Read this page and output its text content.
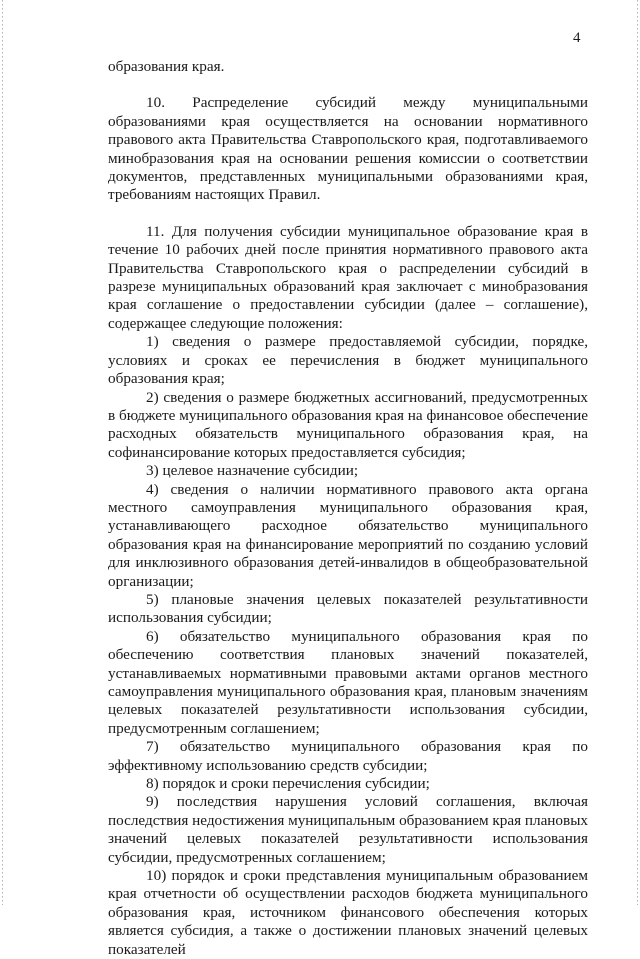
4

образования края.

10. Распределение субсидий между муниципальными образованиями края осуществляется на основании нормативного правового акта Правительства Ставропольского края, подготавливаемого минобразования края на основании решения комиссии о соответствии документов, представленных муниципальными образованиями края, требованиям настоящих Правил.

11. Для получения субсидии муниципальное образование края в течение 10 рабочих дней после принятия нормативного правового акта Правительства Ставропольского края о распределении субсидий в разрезе муниципальных образований края заключает с минобразования края соглашение о предоставлении субсидии (далее – соглашение), содержащее следующие положения:

1) сведения о размере предоставляемой субсидии, порядке, условиях и сроках ее перечисления в бюджет муниципального образования края;

2) сведения о размере бюджетных ассигнований, предусмотренных в бюджете муниципального образования края на финансовое обеспечение расходных обязательств муниципального образования края, на софинансирование которых предоставляется субсидия;

3) целевое назначение субсидии;

4) сведения о наличии нормативного правового акта органа местного самоуправления муниципального образования края, устанавливающего расходное обязательство муниципального образования края на финансирование мероприятий по созданию условий для инклюзивного образования детей-инвалидов в общеобразовательной организации;

5) плановые значения целевых показателей результативности использования субсидии;

6) обязательство муниципального образования края по обеспечению соответствия плановых значений показателей, устанавливаемых нормативными правовыми актами органов местного самоуправления муниципального образования края, плановым значениям целевых показателей результативности использования субсидии, предусмотренным соглашением;

7) обязательство муниципального образования края по эффективному использованию средств субсидии;

8) порядок и сроки перечисления субсидии;

9) последствия нарушения условий соглашения, включая последствия недостижения муниципальным образованием края плановых значений целевых показателей результативности использования субсидии, предусмотренных соглашением;

10) порядок и сроки представления муниципальным образованием края отчетности об осуществлении расходов бюджета муниципального образования края, источником финансового обеспечения которых является субсидия, а также о достижении плановых значений целевых показателей
